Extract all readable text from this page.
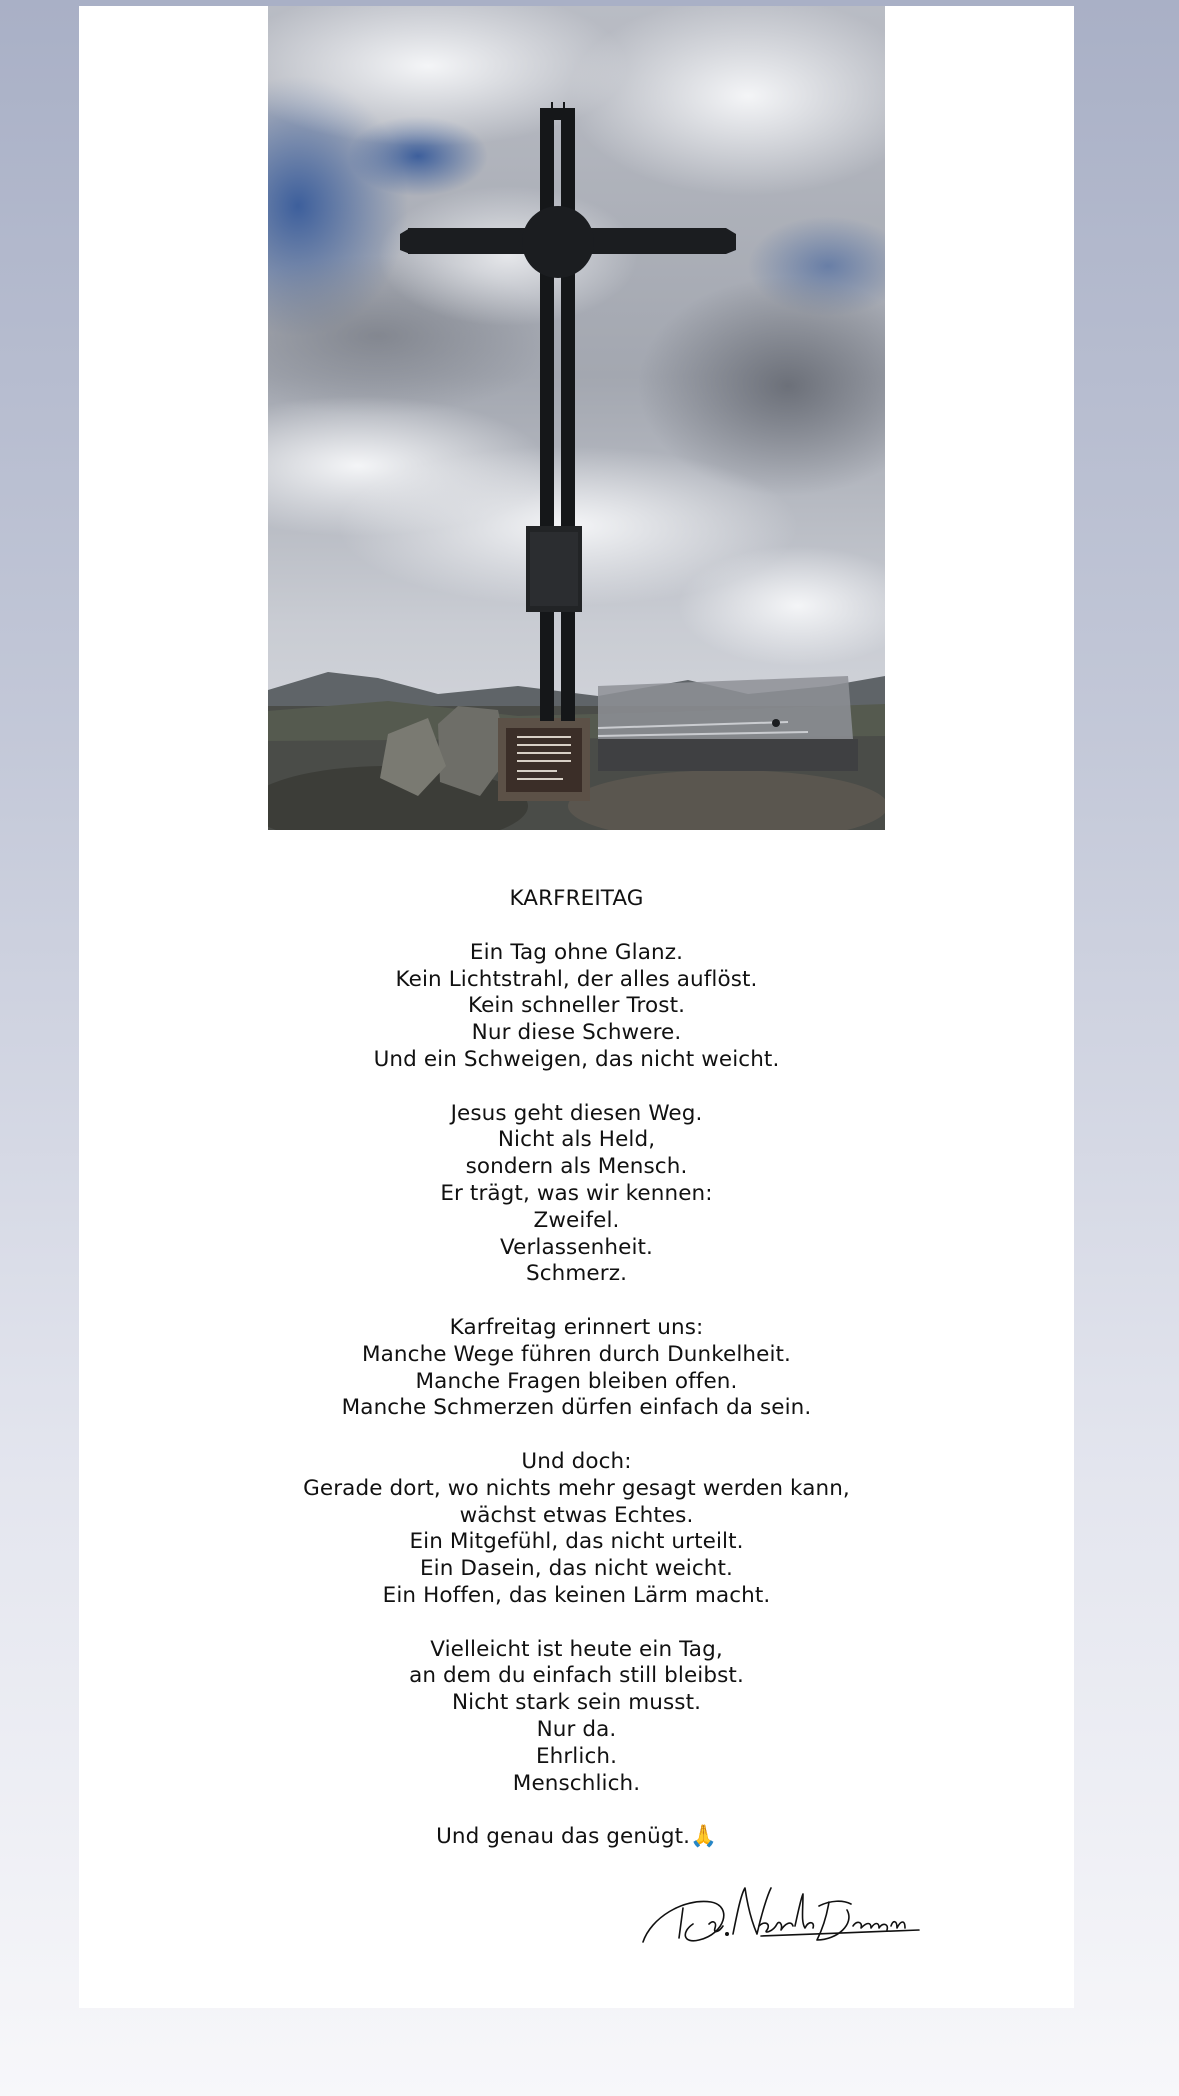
KARFREITAG
Ein Tag ohne Glanz.
Kein Lichtstrahl, der alles auflöst.
Kein schneller Trost.
Nur diese Schwere.
Und ein Schweigen, das nicht weicht.
Jesus geht diesen Weg.
Nicht als Held,
sondern als Mensch.
Er trägt, was wir kennen:
Zweifel.
Verlassenheit.
Schmerz.
Karfreitag erinnert uns:
Manche Wege führen durch Dunkelheit.
Manche Fragen bleiben offen.
Manche Schmerzen dürfen einfach da sein.
Und doch:
Gerade dort, wo nichts mehr gesagt werden kann,
wächst etwas Echtes.
Ein Mitgefühl, das nicht urteilt.
Ein Dasein, das nicht weicht.
Ein Hoffen, das keinen Lärm macht.
Vielleicht ist heute ein Tag,
an dem du einfach still bleibst.
Nicht stark sein musst.
Nur da.
Ehrlich.
Menschlich.
Und genau das genügt.🙏
